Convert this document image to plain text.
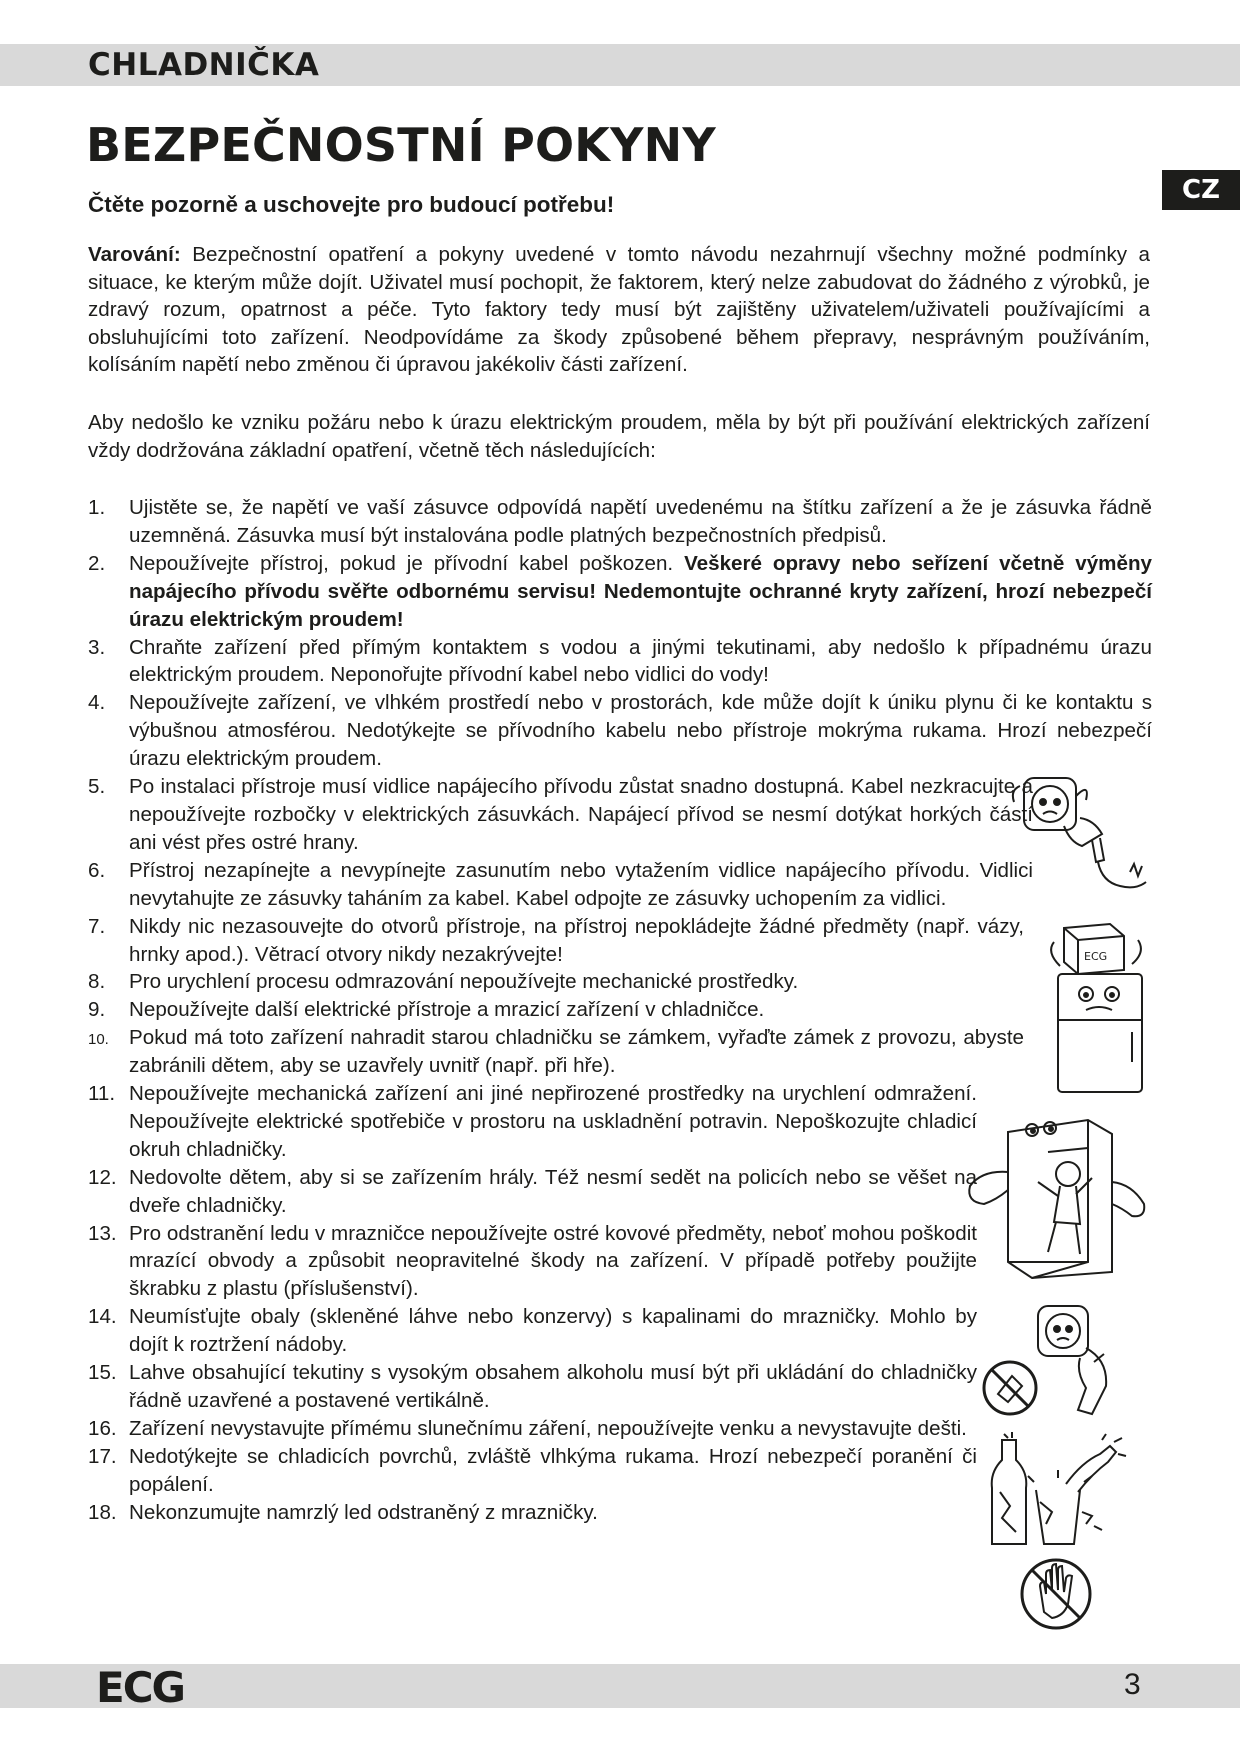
CHLADNIČKA
BEZPEČNOSTNÍ POKYNY
CZ

Čtěte pozorně a uschovejte pro budoucí potřebu!

Varování: Bezpečnostní opatření a pokyny uvedené v tomto návodu nezahrnují všechny možné podmínky a situace, ke kterým může dojít. Uživatel musí pochopit, že faktorem, který nelze zabudovat do žádného z výrobků, je zdravý rozum, opatrnost a péče. Tyto faktory tedy musí být zajištěny uživatelem/uživateli používajícími a obsluhujícími toto zařízení. Neodpovídáme za škody způsobené během přepravy, nesprávným používáním, kolísáním napětí nebo změnou či úpravou jakékoliv části zařízení.

Aby nedošlo ke vzniku požáru nebo k úrazu elektrickým proudem, měla by být při používání elektrických zařízení vždy dodržována základní opatření, včetně těch následujících:

1. Ujistěte se, že napětí ve vaší zásuvce odpovídá napětí uvedenému na štítku zařízení a že je zásuvka řádně uzemněná. Zásuvka musí být instalována podle platných bezpečnostních předpisů.
2. Nepoužívejte přístroj, pokud je přívodní kabel poškozen. Veškeré opravy nebo seřízení včetně výměny napájecího přívodu svěřte odbornému servisu! Nedemontujte ochranné kryty zařízení, hrozí nebezpečí úrazu elektrickým proudem!
3. Chraňte zařízení před přímým kontaktem s vodou a jinými tekutinami, aby nedošlo k případnému úrazu elektrickým proudem. Neponořujte přívodní kabel nebo vidlici do vody!
4. Nepoužívejte zařízení, ve vlhkém prostředí nebo v prostorách, kde může dojít k úniku plynu či ke kontaktu s výbušnou atmosférou. Nedotýkejte se přívodního kabelu nebo přístroje mokrýma rukama. Hrozí nebezpečí úrazu elektrickým proudem.
5. Po instalaci přístroje musí vidlice napájecího přívodu zůstat snadno dostupná. Kabel nezkracujte a nepoužívejte rozbočky v elektrických zásuvkách. Napájecí přívod se nesmí dotýkat horkých částí ani vést přes ostré hrany.
6. Přístroj nezapínejte a nevypínejte zasunutím nebo vytažením vidlice napájecího přívodu. Vidlici nevytahujte ze zásuvky taháním za kabel. Kabel odpojte ze zásuvky uchopením za vidlici.
7. Nikdy nic nezasouvejte do otvorů přístroje, na přístroj nepokládejte žádné předměty (např. vázy, hrnky apod.). Větrací otvory nikdy nezakrývejte!
8. Pro urychlení procesu odmrazování nepoužívejte mechanické prostředky.
9. Nepoužívejte další elektrické přístroje a mrazicí zařízení v chladničce.
10. Pokud má toto zařízení nahradit starou chladničku se zámkem, vyřaďte zámek z provozu, abyste zabránili dětem, aby se uzavřely uvnitř (např. při hře).
11. Nepoužívejte mechanická zařízení ani jiné nepřirozené prostředky na urychlení odmražení. Nepoužívejte elektrické spotřebiče v prostoru na uskladnění potravin. Nepoškozujte chladicí okruh chladničky.
12. Nedovolte dětem, aby si se zařízením hrály. Též nesmí sedět na policích nebo se věšet na dveře chladničky.
13. Pro odstranění ledu v mrazničce nepoužívejte ostré kovové předměty, neboť mohou poškodit mrazící obvody a způsobit neopravitelné škody na zařízení. V případě potřeby použijte škrabku z plastu (příslušenství).
14. Neumísťujte obaly (skleněné láhve nebo konzervy) s kapalinami do mrazničky. Mohlo by dojít k roztržení nádoby.
15. Lahve obsahující tekutiny s vysokým obsahem alkoholu musí být při ukládání do chladničky řádně uzavřené a postavené vertikálně.
16. Zařízení nevystavujte přímému slunečnímu záření, nepoužívejte venku a nevystavujte dešti.
17. Nedotýkejte se chladicích povrchů, zvláště vlhkýma rukama. Hrozí nebezpečí poranění či popálení.
18. Nekonzumujte namrzlý led odstraněný z mrazničky.
ECG
ECG	3
